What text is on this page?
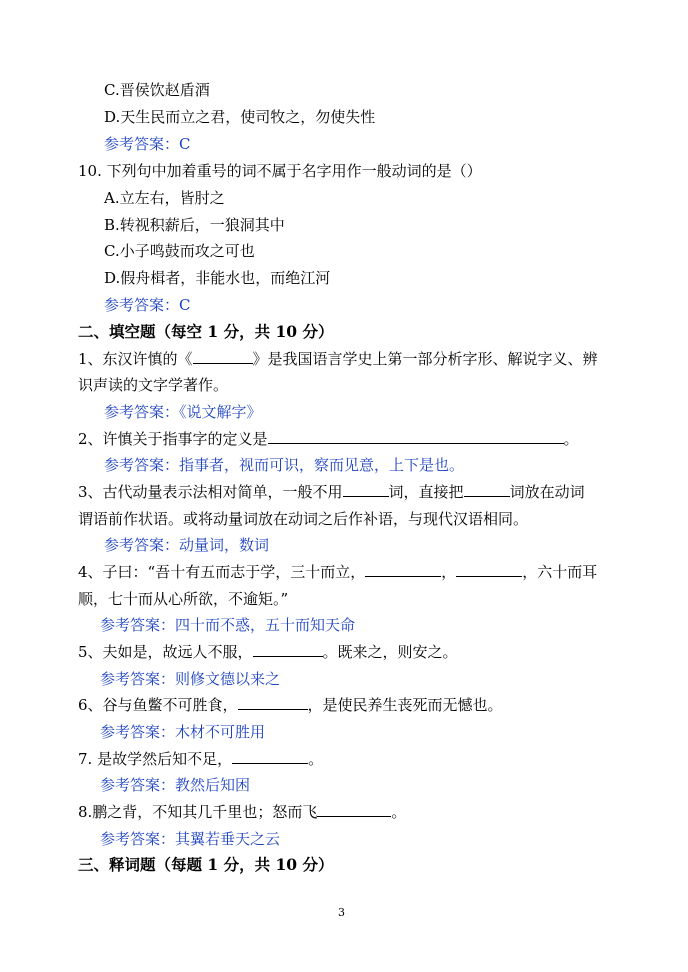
C.晋侯饮赵盾酒
D.天生民而立之君，使司牧之，勿使失性
参考答案：C
10. 下列句中加着重号的词不属于名字用作一般动词的是（）
A.立左右，皆肘之
B.转视积薪后，一狼洞其中
C.小子鸣鼓而攻之可也
D.假舟楫者，非能水也，而绝江河
参考答案：C
二、填空题（每空 1 分，共 10 分）
1、东汉许慎的《	》是我国语言学史上第一部分析字形、解说字义、辨
识声读的文字学著作。
参考答案：《说文解字》
2、许慎关于指事字的定义是	。
参考答案：指事者，视而可识，察而见意，上下是也。
3、古代动量表示法相对简单，一般不用	词，直接把	词放在动词
谓语前作状语。或将动量词放在动词之后作补语，与现代汉语相同。
参考答案：动量词，数词
4、子曰：“吾十有五而志于学，三十而立，	，	，六十而耳
顺，七十而从心所欲，不逾矩。”
参考答案：四十而不惑，五十而知天命
5、夫如是，故远人不服，	。既来之，则安之。
参考答案：则修文德以来之
6、谷与鱼鳖不可胜食，	，是使民养生丧死而无憾也。
参考答案：木材不可胜用
7. 是故学然后知不足，	。
参考答案：教然后知困
8.鹏之背，不知其几千里也；怒而飞	。
参考答案：其翼若垂天之云
三、释词题（每题 1 分，共 10 分）
3
